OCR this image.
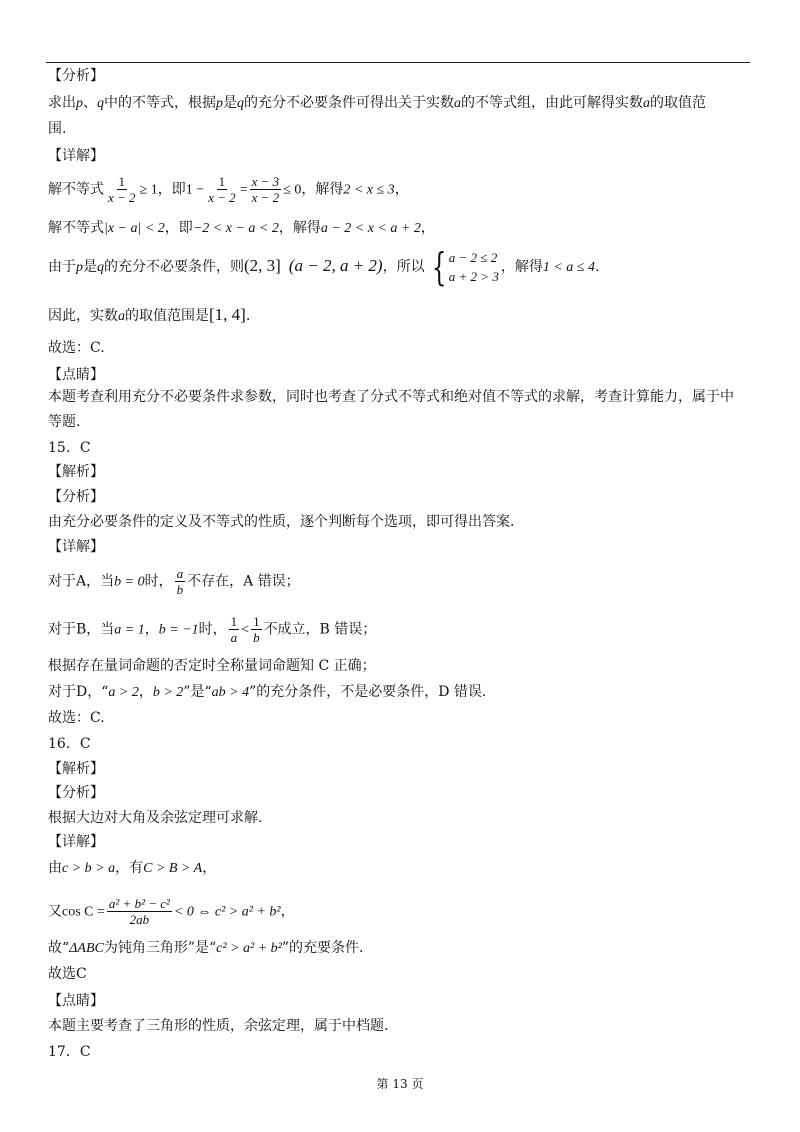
【分析】
求出p、q中的不等式，根据p是q的充分不必要条件可得出关于实数a的不等式组，由此可解得实数a的取值范
围.
【详解】
解不等式 $\frac{1}{x - 2} \ge 1$，即$1 - \frac{1}{x - 2} = \frac{x - 3}{x - 2} \le 0$，解得2 < x ≤ 3，
解不等式|x − a| < 2，即−2 < x − a < 2，解得a − 2 < x < a + 2，
由于p是q的充分不必要条件，则(2, 3] (a − 2, a + 2)，所以 { a − 2 ≤ 2
a + 2 > 3
，解得1 < a ≤ 4.
因此，实数a的取值范围是[1, 4].
故选：C.
【点睛】
本题考查利用充分不必要条件求参数，同时也考查了分式不等式和绝对值不等式的求解，考查计算能力，属于中
等题.
15．C
【解析】
【分析】
由充分必要条件的定义及不等式的性质，逐个判断每个选项，即可得出答案.
【详解】
对于A，当b = 0时， $\frac{a}{b}$ 不存在，A 错误；
对于B，当a = 1，b = −1时， $\frac{1}{a} < \frac{1}{b}$ 不成立，B 错误；
根据存在量词命题的否定时全称量词命题知 C 正确；
对于D，“a > 2，b > 2”是“ab > 4”的充分条件，不是必要条件，D 错误.
故选：C.
16．C
【解析】
【分析】
根据大边对大角及余弦定理可求解.
【详解】
由c > b > a，有C > B > A，
又$\cos C = \frac{\text{a² + b² − c²}}{2ab} < 0$ ⇔ c² > a² + b²，
故“ΔABC为钝角三角形”是“c² > a² + b²”的充要条件.
故选C
【点睛】
本题主要考查了三角形的性质，余弦定理，属于中档题.
17．C
第 13 页
